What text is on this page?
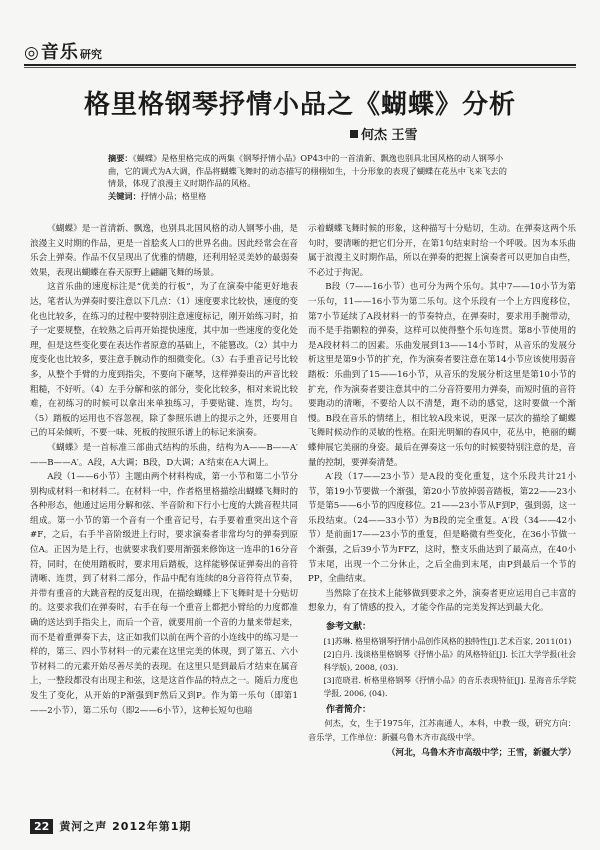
◎ 音乐 研究
格里格钢琴抒情小品之《蝴蝶》分析
何杰 王雪
摘要：《蝴蝶》是格里格完成的两集《钢琴抒情小品》OP43中的一首清新、飘逸也别具北国风格的动人钢琴小曲，它的调式为A大调，作品将蝴蝶飞舞时的动态描写的栩栩如生，十分形象的表现了蝴蝶在花丛中飞来飞去的情景，体现了浪漫主义时期作品的风格。
关键词：抒情小品；格里格

《蝴蝶》是一首清新、飘逸，也别具北国风格的动人钢琴小曲，是浪漫主义时期的作品，更是一首脍炙人口的世界名曲。因此经常会在音乐会上弹奏。作品不仅呈现出了优雅的情趣，还利用轻灵美妙的最弱奏效果，表现出蝴蝶在春天原野上翩翩飞舞的场景。

这首乐曲的速度标注是“优美的行板”，为了在演奏中能更好地表达，笔者认为弹奏时要注意以下几点：（1）速度要求比较快，速度的变化也比较多，在练习的过程中要特别注意速度标记，刚开始练习时，拍子一定要规整，在较熟之后再开始提快速度，其中加一些速度的变化处理，但是这些变化要在表达作者原意的基础上，不能篡改。（2）其中力度变化也比较多，要注意手腕动作的细微变化。（3）右手重音记号比较多，从整个手臂的力度到指尖，不要向下砸琴，这样弹奏出的声音比较粗糙，不好听。（4）左手分解和弦的部分，变化比较多，相对来说比较难，在初练习的时候可以拿出来单独练习，手要贴键、连贯，均匀。（5）踏板的运用也不容忽视，除了参照乐谱上的提示之外，还要用自己的耳朵倾听，不要一味、死板的按照乐谱上的标记来演奏。

《蝴蝶》是一首标准三部曲式结构的乐曲，结构为A——B——A′——B——A′。A段，A大调；B段，D大调；A′结束在A大调上。

A段（1——6小节）主题由两个材料构成，第一小节和第二小节分别构成材料一和材料二。在材料一中，作者格里格描绘出蝴蝶飞舞时的各种形态，他通过运用分解和弦、半音阶和下行小七度的大跳音程共同组成。第一小节的第一个音有一个重音记号，右手要着重突出这个音#F，之后，右手半音阶级进上行时，要求演奏者非常均匀的弹奏到原位A。正因为是上行，也就要求我们要用渐强来修饰这一连串的16分音符，同时，在使用踏板时，要求用后踏板，这样能够保证弹奏出的音符清晰、连贯，到了材料二部分，作品中配有连续的8分音符符点节奏，并带有重音的大跳音程的反复出现，在描绘蝴蝶上下飞舞时是十分贴切的。这要求我们在弹奏时，右手在每一个重音上都把小臂给的力度都准确的送达到手指尖上，而后一个音，就要用前一个音的力量来带起来，而不是着重弹奏下去，这正如我们以前在两个音的小连线中的练习是一样的，第三、四小节材料一的元素在这里完美的体现，到了第五、六小节材料二的元素开始尽善尽美的表现。在这里只是到最后才结束在属音上，一整段都没有出现主和弦，这是这首作品的特点之一。随后力度也发生了变化，从开始的P渐强到F然后又到P。作为第一乐句（即第1——2小节），第二乐句（即2——6小节），这种长短句也暗

示着蝴蝶飞舞时候的形象，这种描写十分贴切，生动。在弹奏这两个乐句时，要清晰的把它们分开，在第1句结束时给一个呼吸。因为本乐曲属于浪漫主义时期作品，所以在弹奏的把握上演奏者可以更加自由些，不必过于拘泥。

B段（7——16小节）也可分为两个乐句。其中7——10小节为第一乐句，11——16小节为第二乐句。这个乐段有一个上方四度移位，第7小节延续了A段材料一的节奏特点，在弹奏时，要求用手腕带动，而不是手指颗粒的弹奏，这样可以使得整个乐句连贯。第8小节使用的是A段材料二的因素。乐曲发展到13——14小节时，从音乐的发展分析这里是第9小节的扩充，作为演奏者要注意在第14小节应该使用弱音踏板：乐曲到了15——16小节，从音乐的发展分析这里是第10小节的扩充，作为演奏者要注意其中的二分音符要用力弹奏，而短时值的音符要跑动的清晰，不要给人以不清楚，跑不动的感觉，这时要做一个渐慢。B段在音乐的情绪上，相比较A段来说，更深一层次的描绘了蝴蝶飞舞时候动作的灵敏的性格。在阳光明媚的春风中，花丛中，艳丽的蝴蝶伸展它美丽的身姿。最后在弹奏这一乐句的时候要特别注意的是，音量的控制，要弹奏清楚。

A′段（17——23小节）是A段的变化重复，这个乐段共计21小节，第19小节要做一个渐强，第20小节放掉弱音踏板，第22——23小节是第5——6小节的四度移位。21——23小节从F到P，强到弱，这一乐段结束。（24——33小节）为B段的完全重复。A′段（34——42小节）是前面17——23小节的重复，但是略微有些变化，在36小节做一个渐强，之后39小节为FFZ，这时，整支乐曲达到了最高点，在40小节末尾，出现一个二分休止，之后全曲到末尾，由P到最后一个节的PP，全曲结束。

当然除了在技术上能够做到要求之外，演奏者更应运用自己丰富的想象力，有了情感的投入，才能令作品的完美发挥达到最大化。

参考文献：

[1]苏琳. 格里格钢琴抒情小品创作风格的独特性[J].艺术百家, 2011(01)

[2]白丹. 浅谈格里格钢琴《抒情小品》的风格特征[J]. 长江大学学报(社会科学版), 2008, (03).

[3]范晓君. 析格里格钢琴《抒情小品》的音乐表现特征[J]. 星海音乐学院学报, 2006, (04).

作者简介：

何杰，女，生于1975年，江苏南通人，本科，中教一级，研究方向：音乐学，工作单位：新疆乌鲁木齐市高级中学。

（河北，乌鲁木齐市高级中学；王雪，新疆大学）
22 黄河之声 2012年第1期
